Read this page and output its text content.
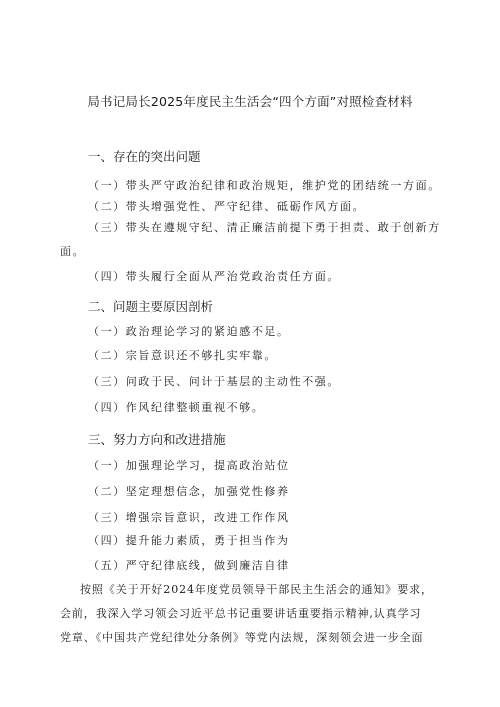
局书记局长2025年度民主生活会“四个方面”对照检查材料
一、存在的突出问题
（一）带头严守政治纪律和政治规矩，维护党的团结统一方面。
（二）带头增强党性、严守纪律、砥砺作风方面。
（三）带头在遵规守纪、清正廉洁前提下勇于担责、敢于创新方
面。
（四）带头履行全面从严治党政治责任方面。
二、问题主要原因剖析
（一）政治理论学习的紧迫感不足。
（二）宗旨意识还不够扎实牢靠。
（三）问政于民、问计于基层的主动性不强。
（四）作风纪律整顿重视不够。
三、努力方向和改进措施
（一）加强理论学习，提高政治站位
（二）坚定理想信念，加强党性修养
（三）增强宗旨意识，改进工作作风
（四）提升能力素质，勇于担当作为
（五）严守纪律底线，做到廉洁自律
按照《关于开好2024年度党员领导干部民主生活会的通知》要求，
会前，我深入学习领会习近平总书记重要讲话重要指示精神,认真学习
党章、《中国共产党纪律处分条例》等党内法规，深刻领会进一步全面
